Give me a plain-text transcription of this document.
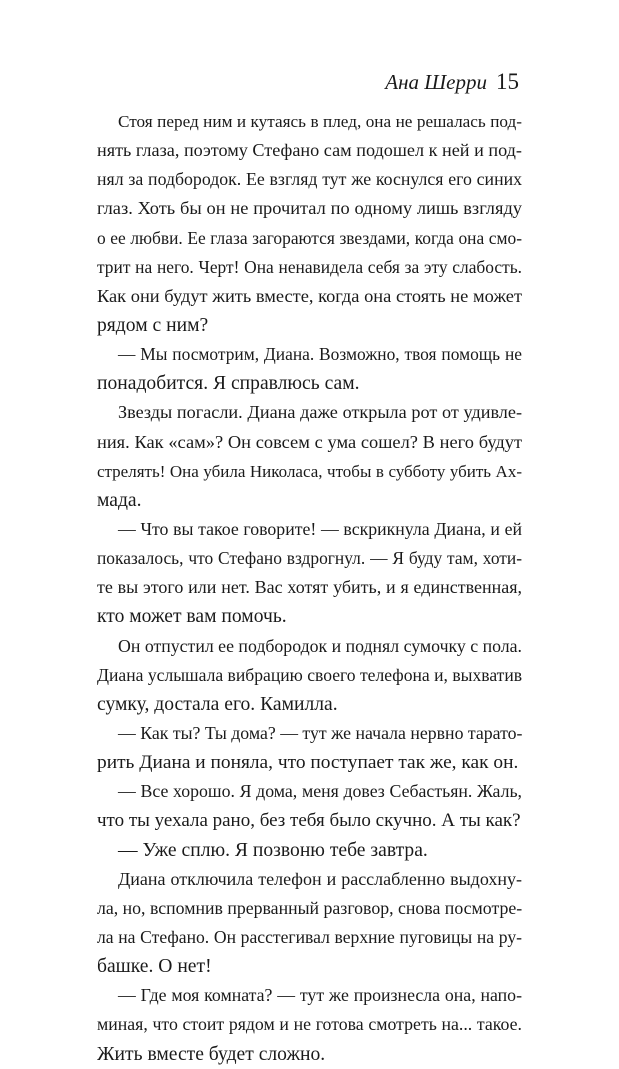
Ана Шерри 15
Стоя перед ним и кутаясь в плед, она не решалась под-
нять глаза, поэтому Стефано сам подошел к ней и под-
нял за подбородок. Ее взгляд тут же коснулся его синих
глаз. Хоть бы он не прочитал по одному лишь взгляду
о ее любви. Ее глаза загораются звездами, когда она смо-
трит на него. Черт! Она ненавидела себя за эту слабость.
Как они будут жить вместе, когда она стоять не может
рядом с ним?
— Мы посмотрим, Диана. Возможно, твоя помощь не
понадобится. Я справлюсь сам.
Звезды погасли. Диана даже открыла рот от удивле-
ния. Как «сам»? Он совсем с ума сошел? В него будут
стрелять! Она убила Николаса, чтобы в субботу убить Ах-
мада.
— Что вы такое говорите! — вскрикнула Диана, и ей
показалось, что Стефано вздрогнул. — Я буду там, хоти-
те вы этого или нет. Вас хотят убить, и я единственная,
кто может вам помочь.
Он отпустил ее подбородок и поднял сумочку с пола.
Диана услышала вибрацию своего телефона и, выхватив
сумку, достала его. Камилла.
— Как ты? Ты дома? — тут же начала нервно тарато-
рить Диана и поняла, что поступает так же, как он.
— Все хорошо. Я дома, меня довез Себастьян. Жаль,
что ты уехала рано, без тебя было скучно. А ты как?
— Уже сплю. Я позвоню тебе завтра.
Диана отключила телефон и расслабленно выдохну-
ла, но, вспомнив прерванный разговор, снова посмотре-
ла на Стефано. Он расстегивал верхние пуговицы на ру-
башке. О нет!
— Где моя комната? — тут же произнесла она, напо-
миная, что стоит рядом и не готова смотреть на... такое.
Жить вместе будет сложно.
